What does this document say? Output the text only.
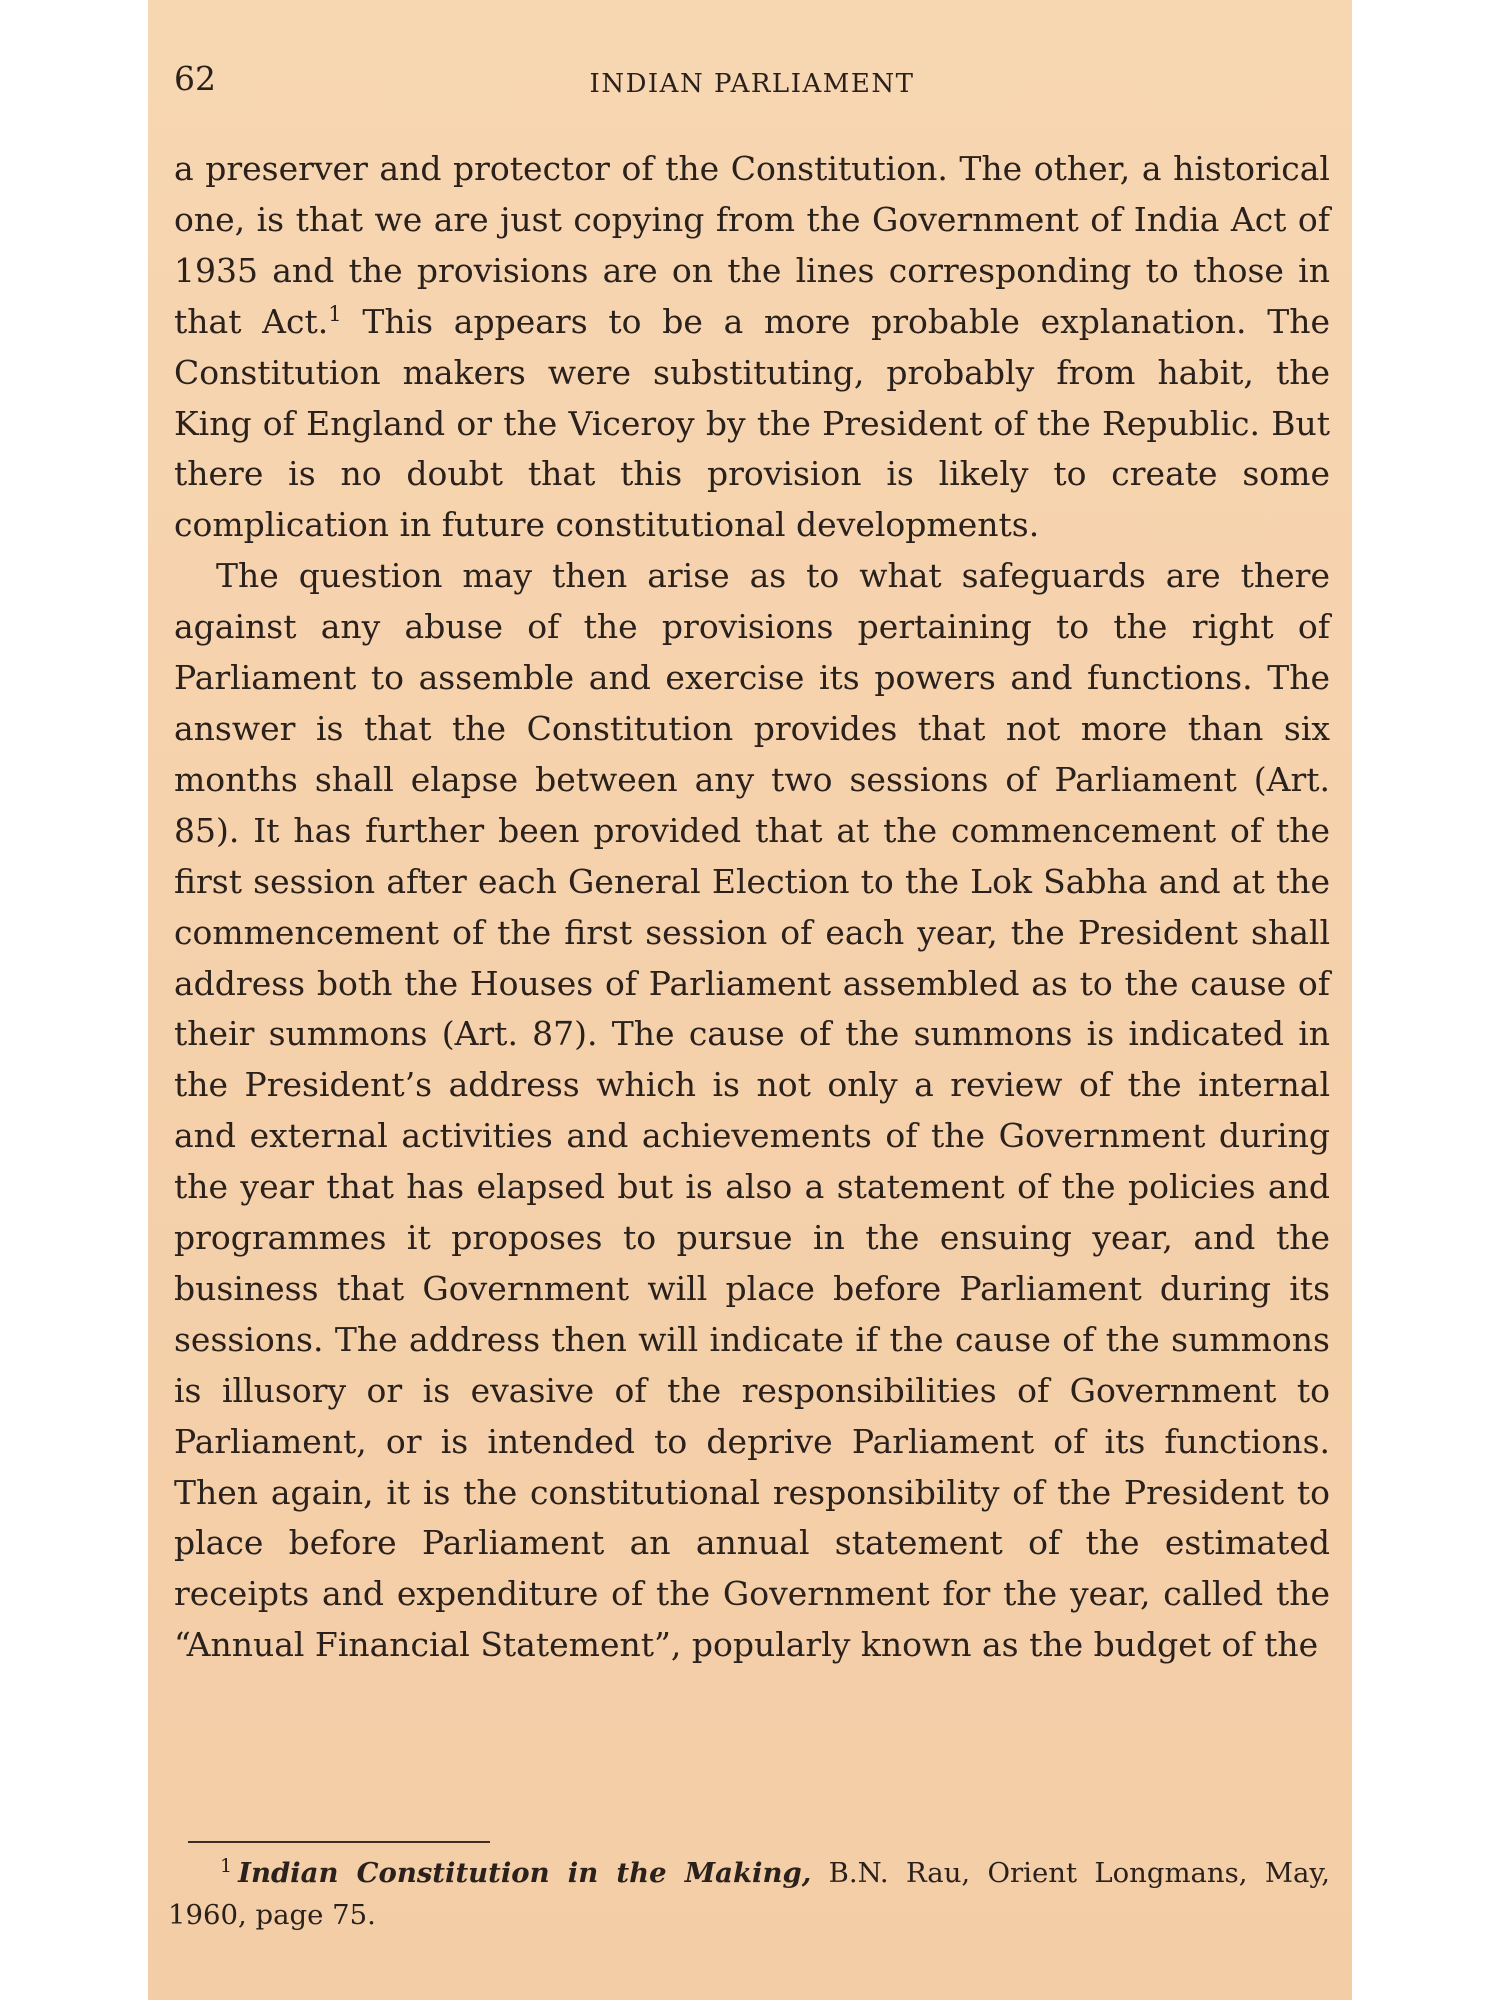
62	INDIAN PARLIAMENT

a preserver and protector of the Constitution. The other, a historical one, is that we are just copying from the Government of India Act of 1935 and the provisions are on the lines corresponding to those in that Act.$^1$ This appears to be a more probable explanation. The Constitution makers were substituting, probably from habit, the King of England or the Viceroy by the President of the Republic. But there is no doubt that this provision is likely to create some complication in future constitutional developments.

The question may then arise as to what safeguards are there against any abuse of the provisions pertaining to the right of Parliament to assemble and exercise its powers and functions. The answer is that the Constitution provides that not more than six months shall elapse between any two sessions of Parliament (Art. 85). It has further been provided that at the commencement of the first session after each General Election to the Lok Sabha and at the commencement of the first session of each year, the President shall address both the Houses of Parliament assembled as to the cause of their summons (Art. 87). The cause of the summons is indicated in the President’s address which is not only a review of the internal and external activities and achievements of the Government during the year that has elapsed but is also a statement of the policies and programmes it proposes to pursue in the ensuing year, and the business that Government will place before Parliament during its sessions. The address then will indicate if the cause of the summons is illusory or is evasive of the responsibilities of Government to Parliament, or is intended to deprive Parliament of its functions. Then again, it is the constitutional responsibility of the President to place before Parliament an annual statement of the estimated receipts and expenditure of the Government for the year, called the “Annual Financial Statement”, popularly known as the budget of the

$^1$ Indian Constitution in the Making, B.N. Rau, Orient Longmans, May, 1960, page 75.
